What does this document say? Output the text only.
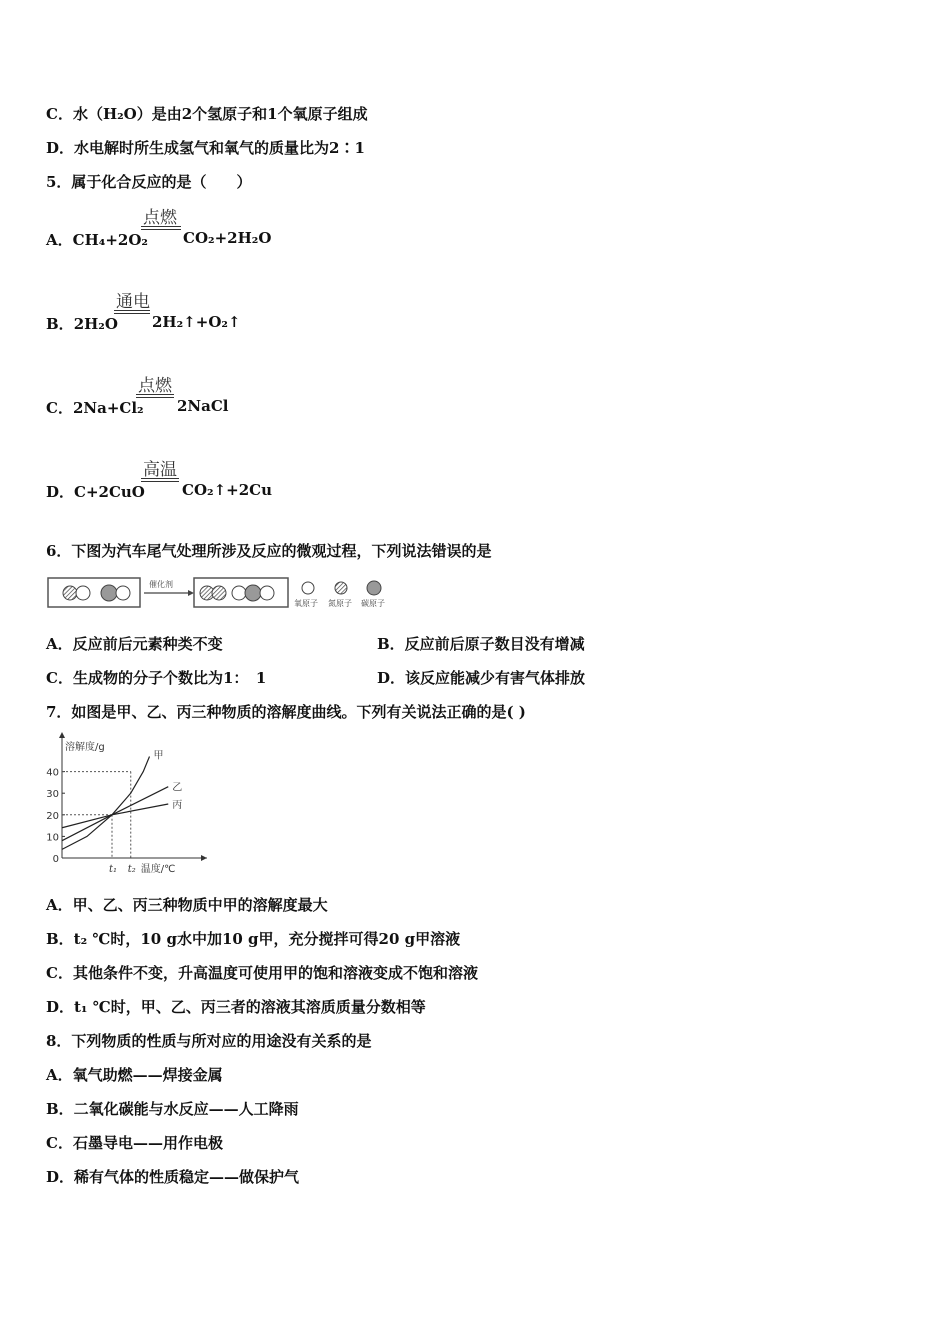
C．水（H₂O）是由2个氢原子和1个氧原子组成
D．水电解时所生成氢气和氧气的质量比为2∶1
5．属于化合反应的是（　　）
A．CH₄+2O₂
点燃
CO₂+2H₂O
B．2H₂O
通电
2H₂↑+O₂↑
C．2Na+Cl₂
点燃
2NaCl
D．C+2CuO
高温
CO₂↑+2Cu
6．下图为汽车尾气处理所涉及反应的微观过程，下列说法错误的是
催化剂
氧原子 氮原子 碳原子
A．反应前后元素种类不变	B．反应前后原子数目没有增减
C．生成物的分子个数比为1：　1	D．该反应能减少有害气体排放
7．如图是甲、乙、丙三种物质的溶解度曲线。下列有关说法正确的是( )
溶解度/g
0
10
20
30
40
t₁ t₂ 温度/℃
甲
乙
丙
A．甲、乙、丙三种物质中甲的溶解度最大
B．t₂ ℃时，10 g水中加10 g甲，充分搅拌可得20 g甲溶液
C．其他条件不变，升高温度可使用甲的饱和溶液变成不饱和溶液
D．t₁ ℃时，甲、乙、丙三者的溶液其溶质质量分数相等
8．下列物质的性质与所对应的用途没有关系的是
A．氧气助燃——焊接金属
B．二氧化碳能与水反应——人工降雨
C．石墨导电——用作电极
D．稀有气体的性质稳定——做保护气
